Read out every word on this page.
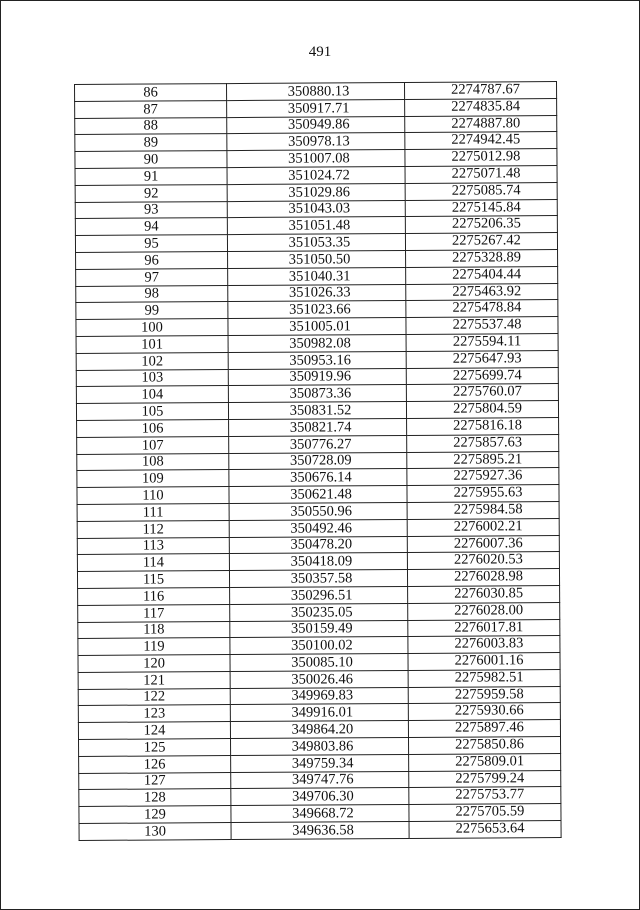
491
86	350880.13	2274787.67
87	350917.71	2274835.84
88	350949.86	2274887.80
89	350978.13	2274942.45
90	351007.08	2275012.98
91	351024.72	2275071.48
92	351029.86	2275085.74
93	351043.03	2275145.84
94	351051.48	2275206.35
95	351053.35	2275267.42
96	351050.50	2275328.89
97	351040.31	2275404.44
98	351026.33	2275463.92
99	351023.66	2275478.84
100	351005.01	2275537.48
101	350982.08	2275594.11
102	350953.16	2275647.93
103	350919.96	2275699.74
104	350873.36	2275760.07
105	350831.52	2275804.59
106	350821.74	2275816.18
107	350776.27	2275857.63
108	350728.09	2275895.21
109	350676.14	2275927.36
110	350621.48	2275955.63
111	350550.96	2275984.58
112	350492.46	2276002.21
113	350478.20	2276007.36
114	350418.09	2276020.53
115	350357.58	2276028.98
116	350296.51	2276030.85
117	350235.05	2276028.00
118	350159.49	2276017.81
119	350100.02	2276003.83
120	350085.10	2276001.16
121	350026.46	2275982.51
122	349969.83	2275959.58
123	349916.01	2275930.66
124	349864.20	2275897.46
125	349803.86	2275850.86
126	349759.34	2275809.01
127	349747.76	2275799.24
128	349706.30	2275753.77
129	349668.72	2275705.59
130	349636.58	2275653.64
